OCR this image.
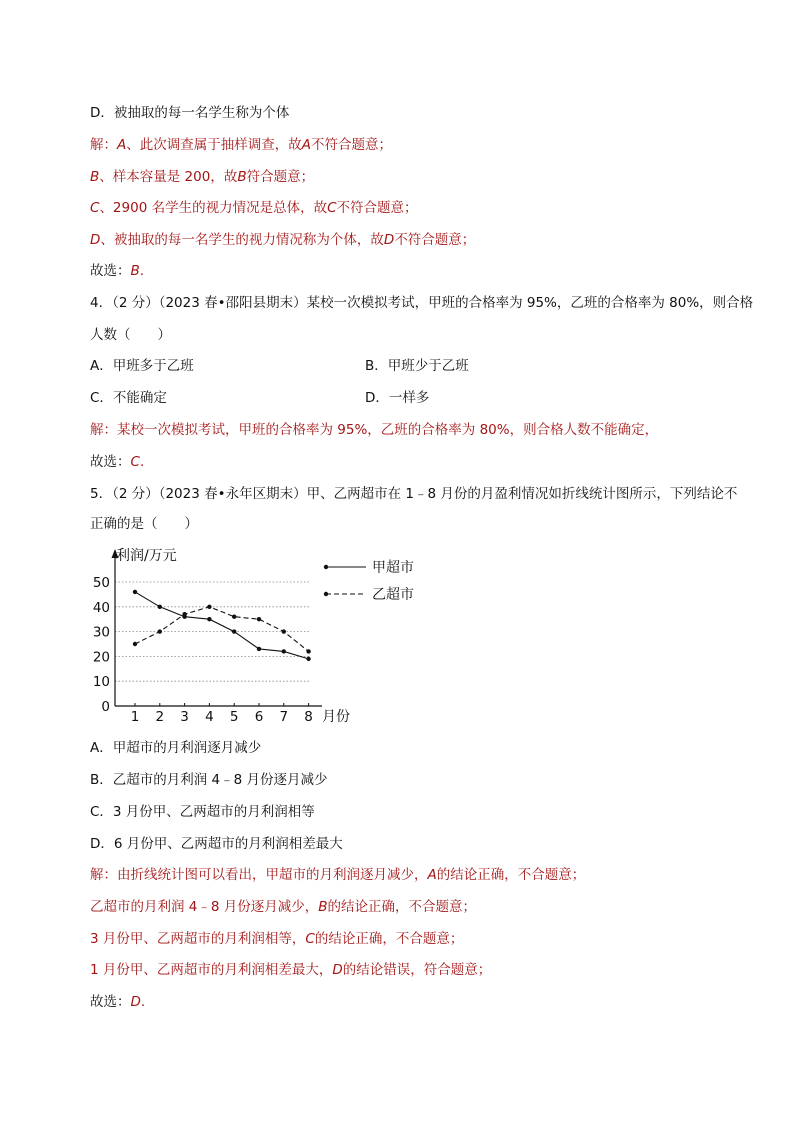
D．被抽取的每一名学生称为个体
解：A、此次调查属于抽样调查，故A不符合题意；
B、样本容量是 200，故B符合题意；
C、2900 名学生的视力情况是总体，故C不符合题意；
D、被抽取的每一名学生的视力情况称为个体，故D不符合题意；
故选：B.
4．（2 分）（2023 春•邵阳县期末）某校一次模拟考试，甲班的合格率为 95%，乙班的合格率为 80%，则合格
人数（　　）
A．甲班多于乙班	B．甲班少于乙班
C．不能确定	D．一样多
解：某校一次模拟考试，甲班的合格率为 95%，乙班的合格率为 80%，则合格人数不能确定，
故选：C.
5．（2 分）（2023 春•永年区期末）甲、乙两超市在 1﹣8 月份的月盈利情况如折线统计图所示，下列结论不
正确的是（　　）
0
10
20
30
40
50
1 2 3 4 5 6 7 8
利润/万元
月份
甲超市
乙超市
A．甲超市的月利润逐月减少
B．乙超市的月利润 4﹣8 月份逐月减少
C．3 月份甲、乙两超市的月利润相等
D．6 月份甲、乙两超市的月利润相差最大
解：由折线统计图可以看出，甲超市的月利润逐月减少，A的结论正确，不合题意；
乙超市的月利润 4﹣8 月份逐月减少，B的结论正确，不合题意；
3 月份甲、乙两超市的月利润相等，C的结论正确，不合题意；
1 月份甲、乙两超市的月利润相差最大，D的结论错误，符合题意；
故选：D.
